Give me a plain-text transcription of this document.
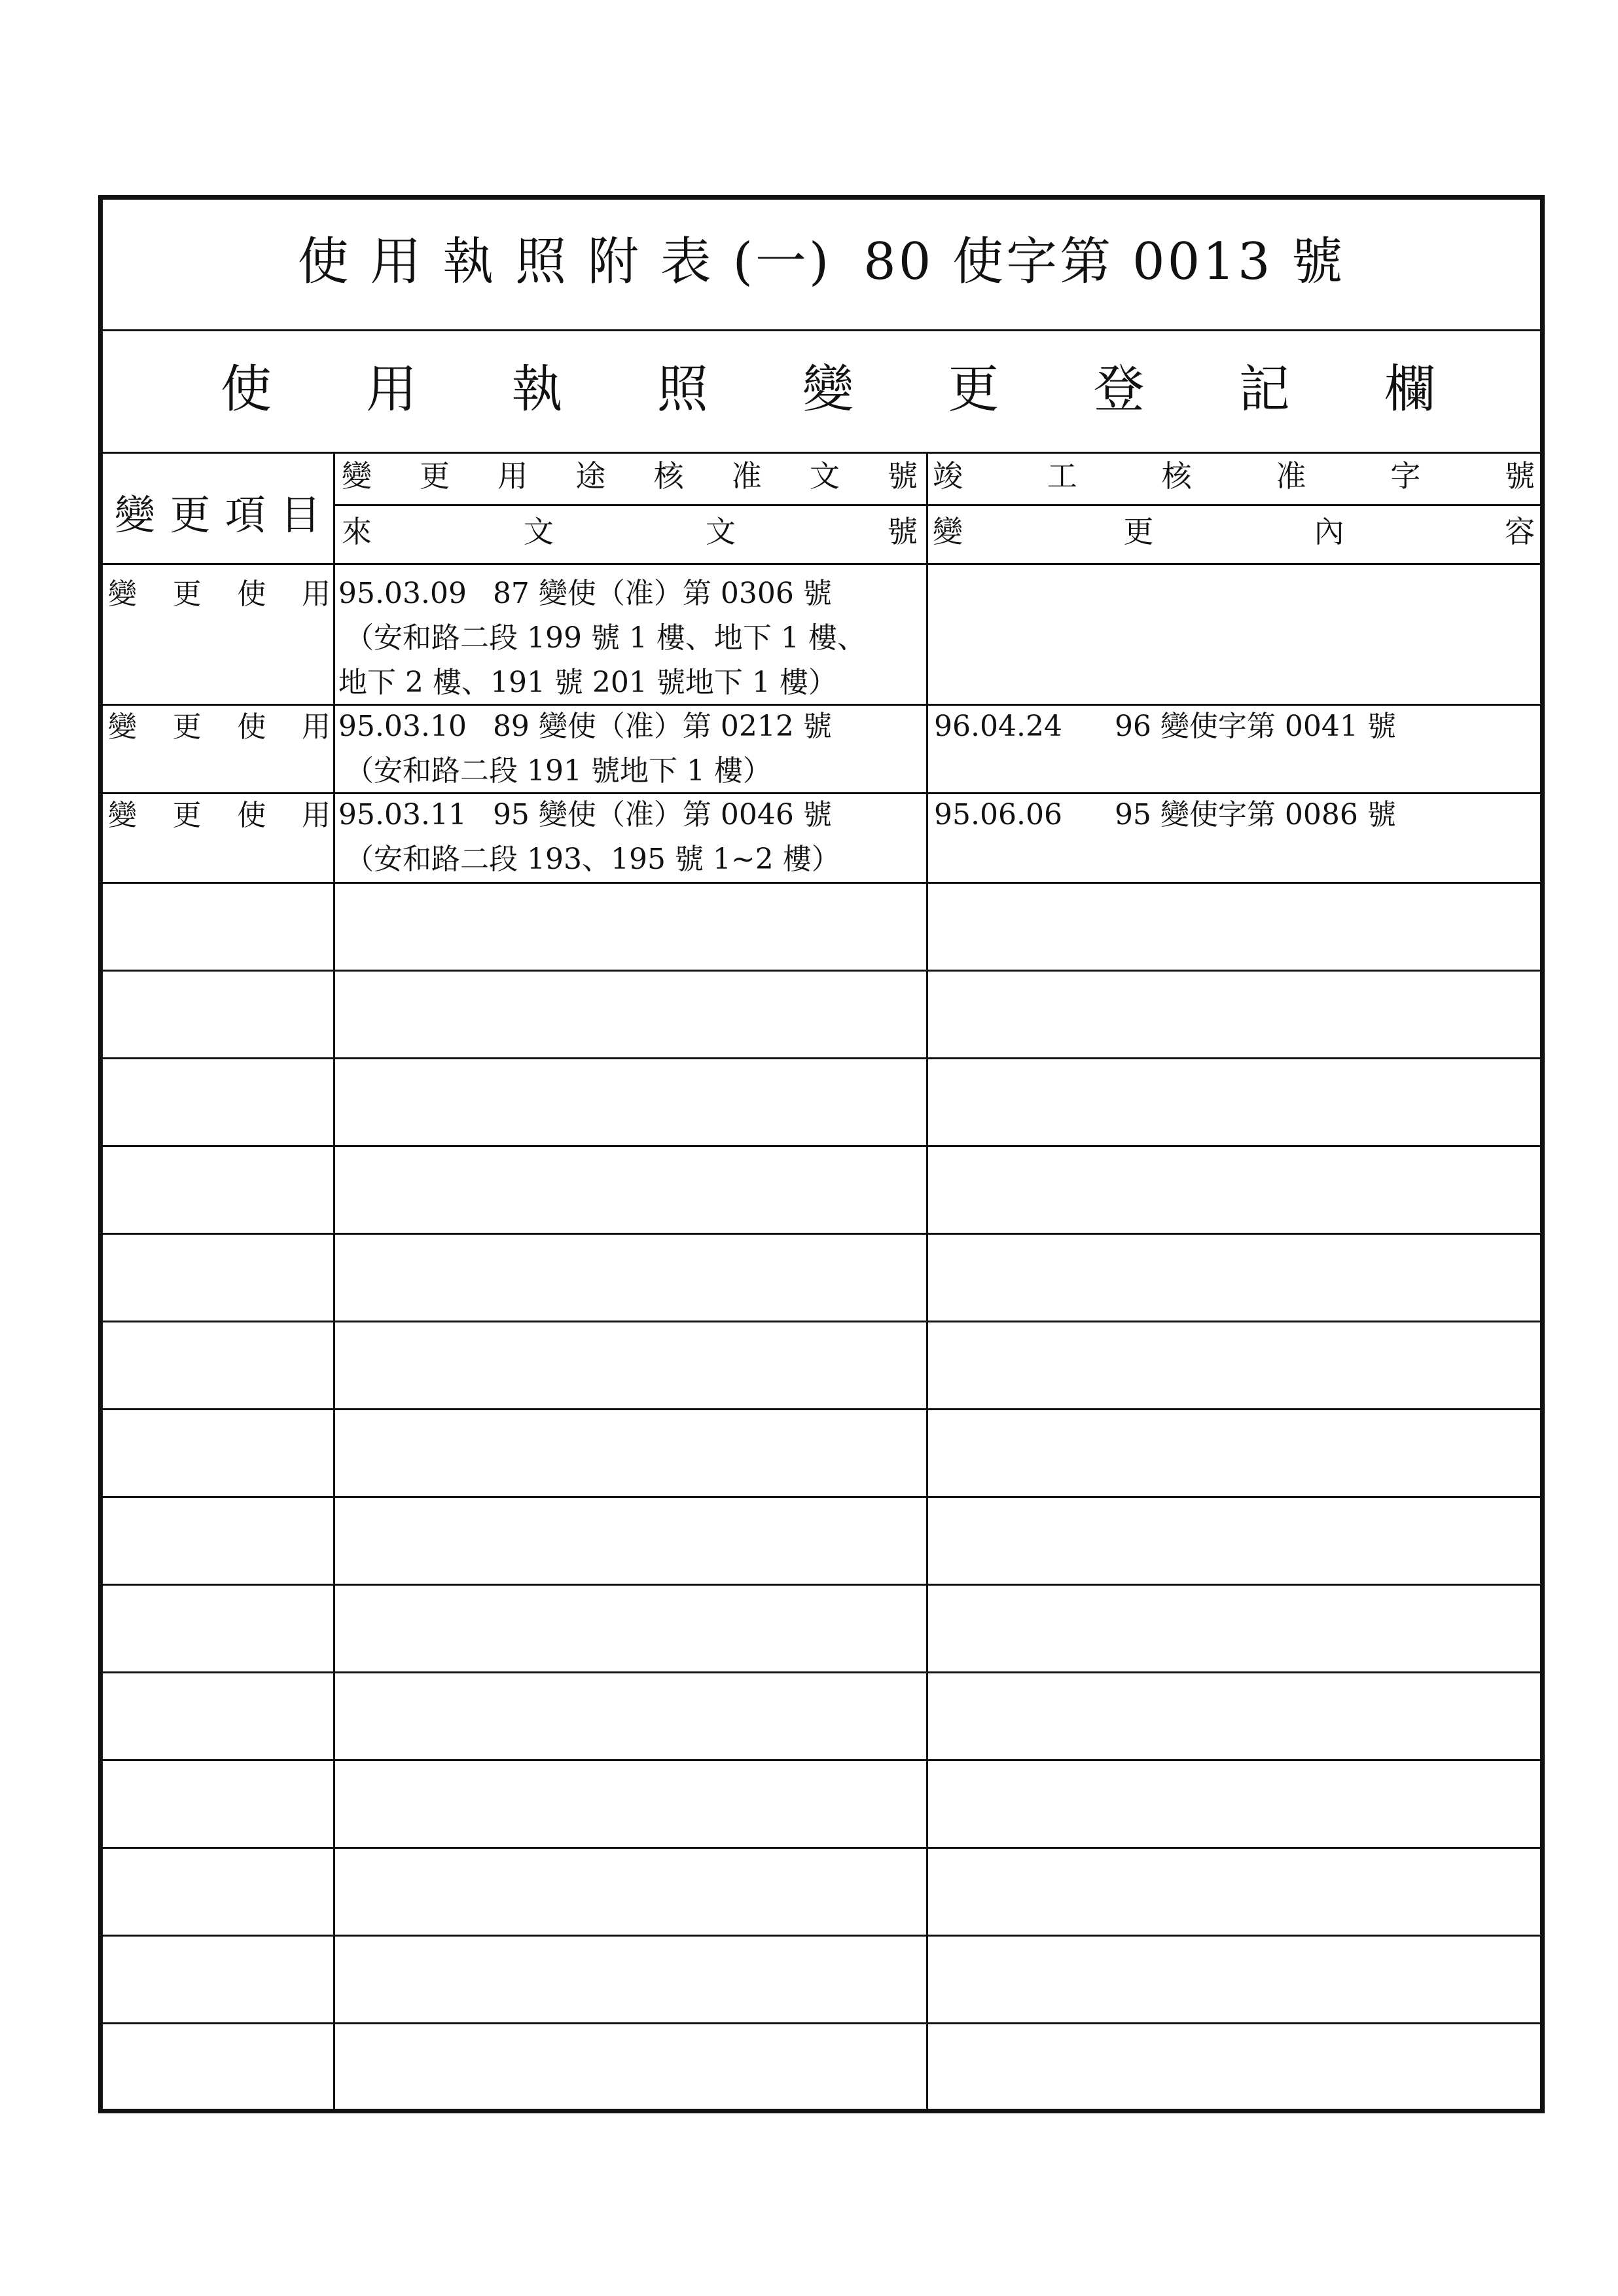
使 用 執 照 附 表 (一) 80 使字第 0013 號
使用執照變更登記欄
變更項目
變更用途核准文號
來文文號
竣工核准字號
變更內容
變更使用 95.03.09 87 變使（准）第 0306 號
（安和路二段 199 號 1 樓、地下 1 樓、
地下 2 樓、191 號 201 號地下 1 樓）
變更使用 95.03.10 89 變使（准）第 0212 號
（安和路二段 191 號地下 1 樓）
96.04.24 96 變使字第 0041 號
變更使用 95.03.11 95 變使（准）第 0046 號
（安和路二段 193、195 號 1~2 樓）
95.06.06 95 變使字第 0086 號
